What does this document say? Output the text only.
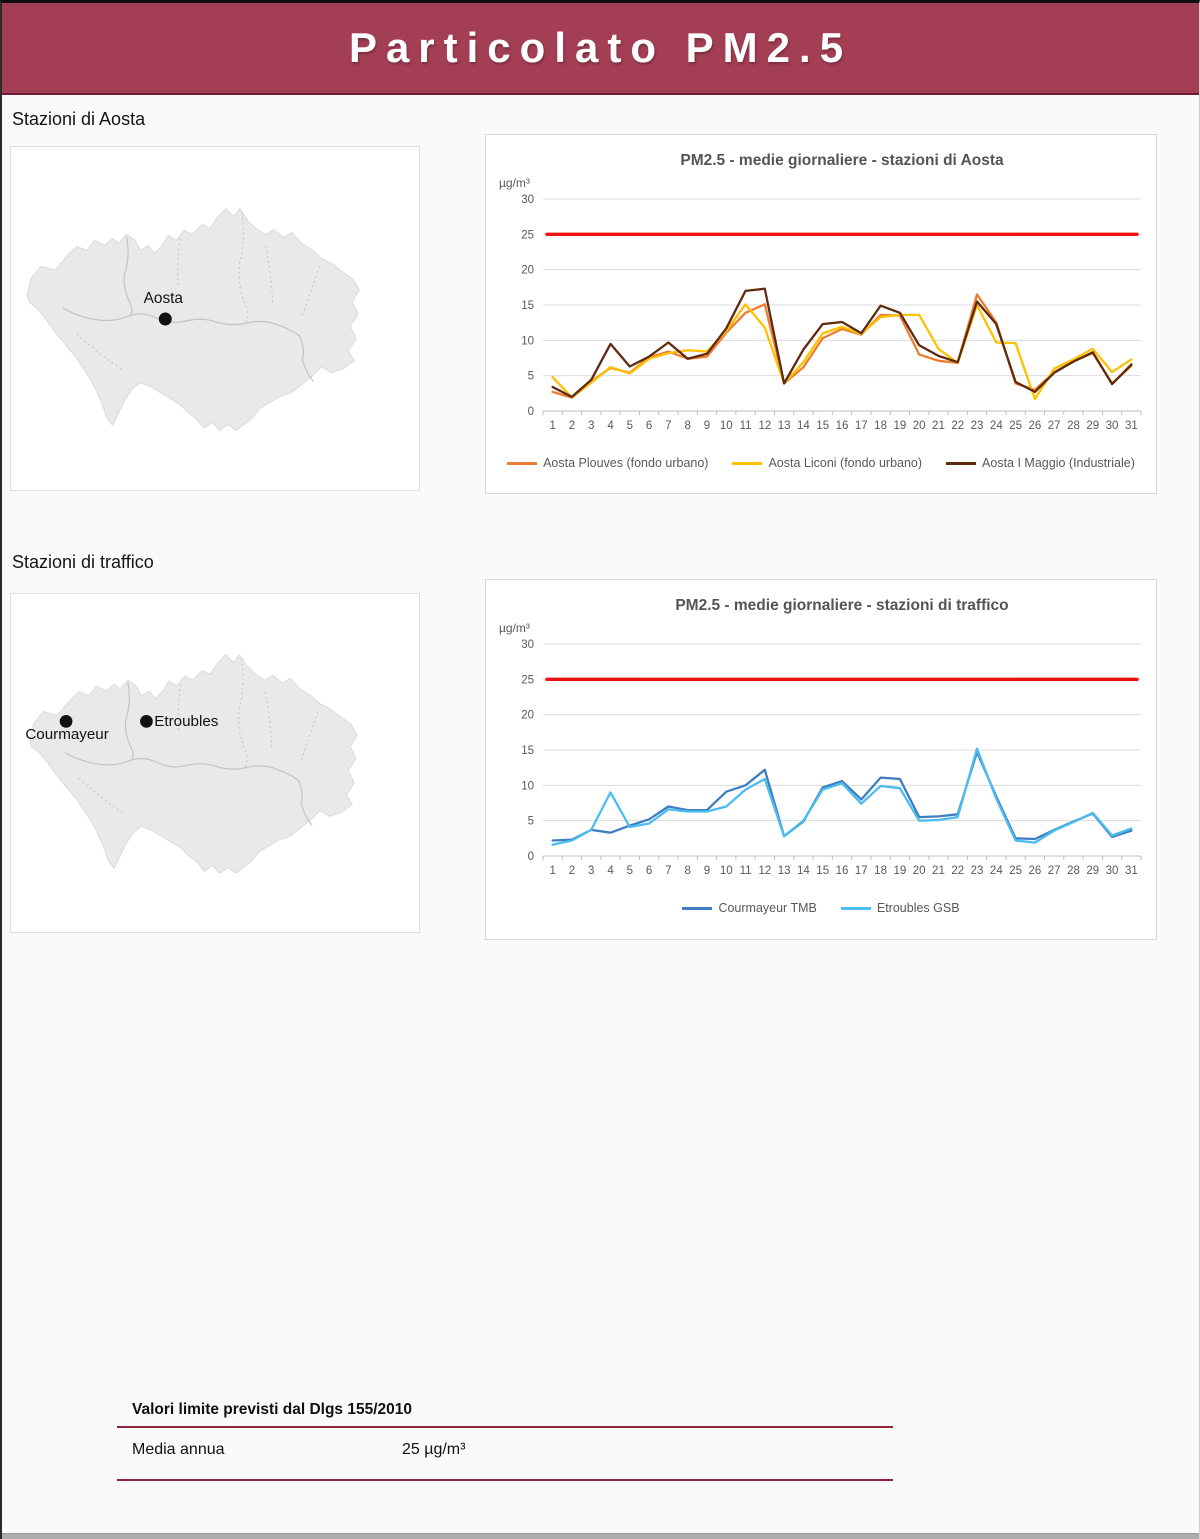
Particolato PM2.5
Stazioni di Aosta
Aosta
0
5
10
15
20
25
30
1 2 3 4 5 6 7 8 9 10 11 12 13 14 15 16 17 18 19 20 21 22 23 24 25 26 27 28 29 30 31
PM2.5 - medie giornaliere - stazioni di Aosta
µg/m³
Aosta Plouves (fondo urbano)	Aosta Liconi (fondo urbano)	Aosta I Maggio (Industriale)
Stazioni di traffico
Courmayeur
Etroubles
0
5
10
15
20
25
30
1 2 3 4 5 6 7 8 9 10 11 12 13 14 15 16 17 18 19 20 21 22 23 24 25 26 27 28 29 30 31
PM2.5 - medie giornaliere - stazioni di traffico
µg/m³
Courmayeur TMB	Etroubles GSB
Valori limite previsti dal Dlgs 155/2010
Media annua	25 µg/m³
